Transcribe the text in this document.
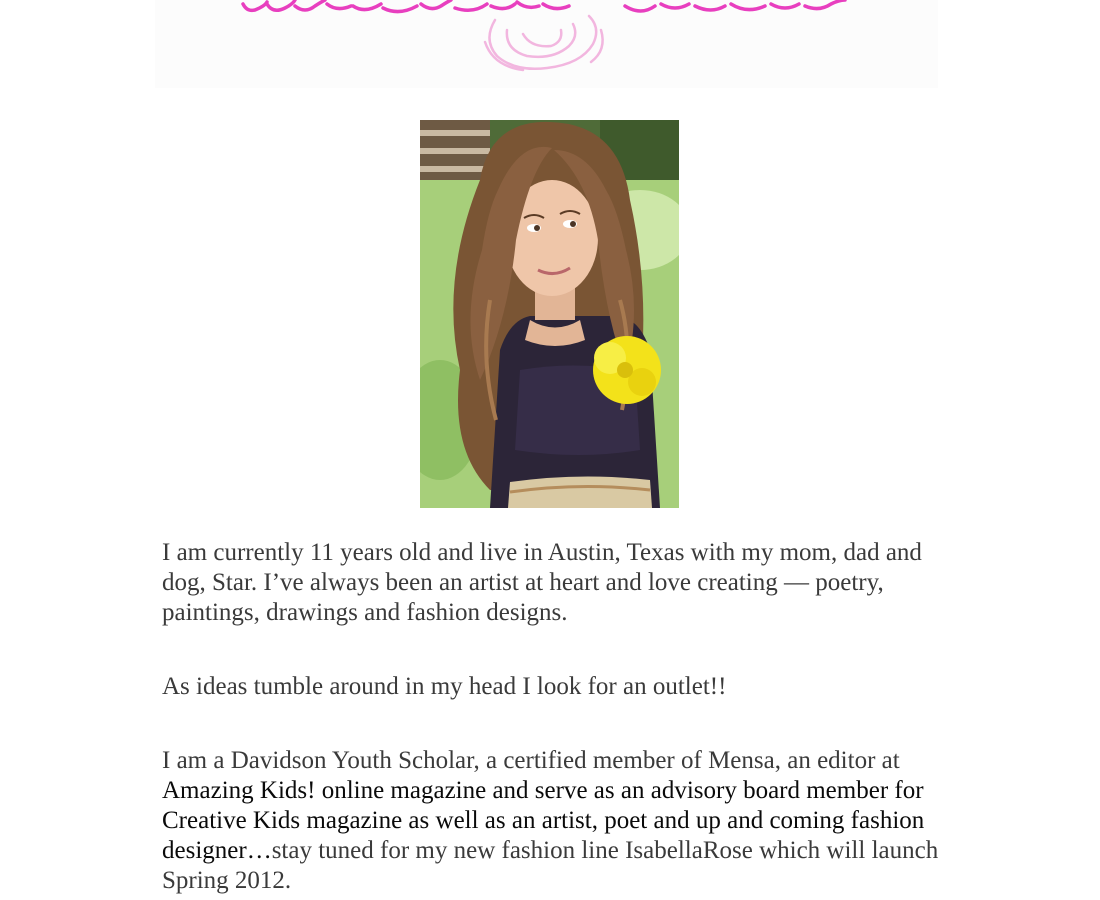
I am currently 11 years old and live in Austin, Texas with my mom, dad and dog, Star. I’ve always been an artist at heart and love creating — poetry, paintings, drawings and fashion designs.

As ideas tumble around in my head I look for an outlet!!

I am a Davidson Youth Scholar, a certified member of Mensa, an editor at Amazing Kids! online magazine and serve as an advisory board member for Creative Kids magazine as well as an artist, poet and up and coming fashion designer…stay tuned for my new fashion line IsabellaRose which will launch Spring 2012.
